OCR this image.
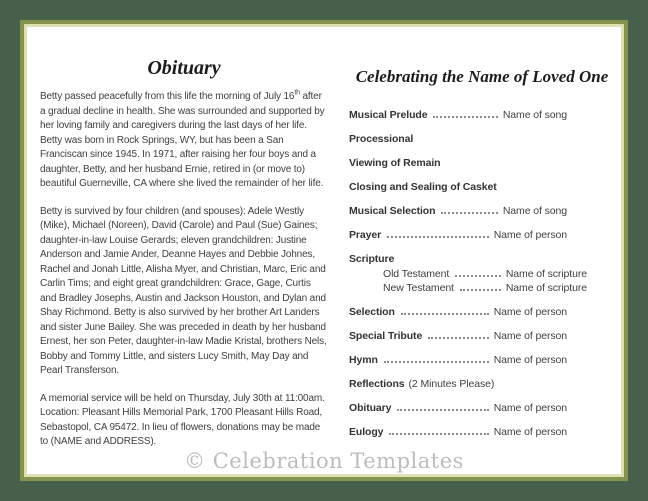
Obituary

Betty passed peacefully from this life the morning of July 16th after a gradual decline in health. She was surrounded and supported by her loving family and caregivers during the last days of her life. Betty was born in Rock Springs, WY, but has been a San Franciscan since 1945. In 1971, after raising her four boys and a daughter, Betty, and her husband Ernie, retired in (or move to) beautiful Guerneville, CA where she lived the remainder of her life.

Betty is survived by four children (and spouses): Adele Westly (Mike), Michael (Noreen), David (Carole) and Paul (Sue) Gaines; daughter-in-law Louise Gerards; eleven grandchildren: Justine Anderson and Jamie Ander, Deanne Hayes and Debbie Johnes, Rachel and Jonah Little, Alisha Myer, and Christian, Marc, Eric and Carlin Tims; and eight great grandchildren: Grace, Gage, Curtis and Bradley Josephs, Austin and Jackson Houston, and Dylan and Shay Richmond. Betty is also survived by her brother Art Landers and sister June Bailey. She was preceded in death by her husband Ernest, her son Peter, daughter-in-law Madie Kristal, brothers Nels, Bobby and Tommy Little, and sisters Lucy Smith, May Day and Pearl Transferson.

A memorial service will be held on Thursday, July 30th at 11:00am. Location: Pleasant Hills Memorial Park, 1700 Pleasant Hills Road, Sebastopol, CA 95472. In lieu of flowers, donations may be made to (NAME and ADDRESS).

Celebrating the Name of Loved One
Musical Prelude	Name of song
Processional
Viewing of Remain
Closing and Sealing of Casket
Musical Selection	Name of song
Prayer	Name of person
Scripture
Old Testament	Name of scripture
New Testament	Name of scripture
Selection	Name of person
Special Tribute	Name of person
Hymn	Name of person
Reflections (2 Minutes Please)
Obituary	Name of person
Eulogy	Name of person
© Celebration Templates
